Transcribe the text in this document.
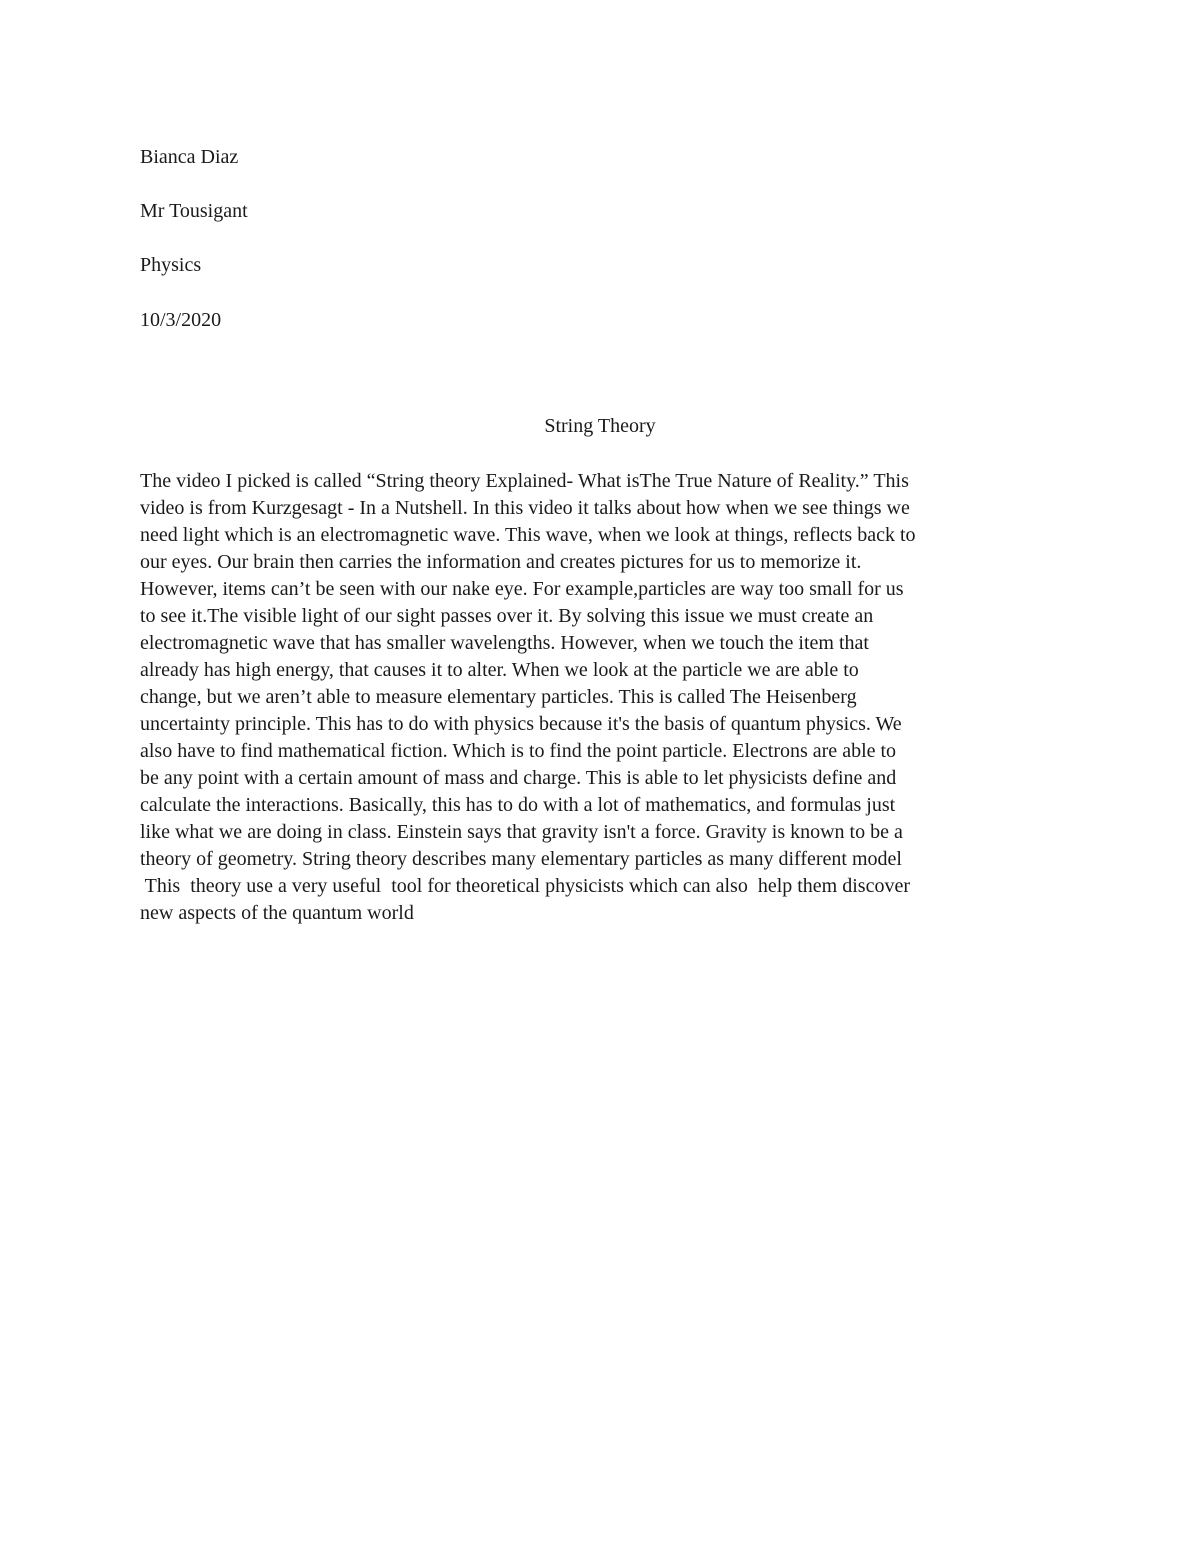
Bianca Diaz
Mr Tousigant
Physics
10/3/2020
String Theory
The video I picked is called “String theory Explained- What isThe True Nature of Reality.” This
video is from Kurzgesagt - In a Nutshell. In this video it talks about how when we see things we
need light which is an electromagnetic wave. This wave, when we look at things, reflects back to
our eyes. Our brain then carries the information and creates pictures for us to memorize it.
However, items can’t be seen with our nake eye. For example,particles are way too small for us
to see it.The visible light of our sight passes over it. By solving this issue we must create an
electromagnetic wave that has smaller wavelengths. However, when we touch the item that
already has high energy, that causes it to alter. When we look at the particle we are able to
change, but we aren’t able to measure elementary particles. This is called The Heisenberg
uncertainty principle. This has to do with physics because it's the basis of quantum physics. We
also have to find mathematical fiction. Which is to find the point particle. Electrons are able to
be any point with a certain amount of mass and charge. This is able to let physicists define and
calculate the interactions. Basically, this has to do with a lot of mathematics, and formulas just
like what we are doing in class. Einstein says that gravity isn't a force. Gravity is known to be a
theory of geometry. String theory describes many elementary particles as many different model
This  theory use a very useful  tool for theoretical physicists which can also  help them discover
new aspects of the quantum world
